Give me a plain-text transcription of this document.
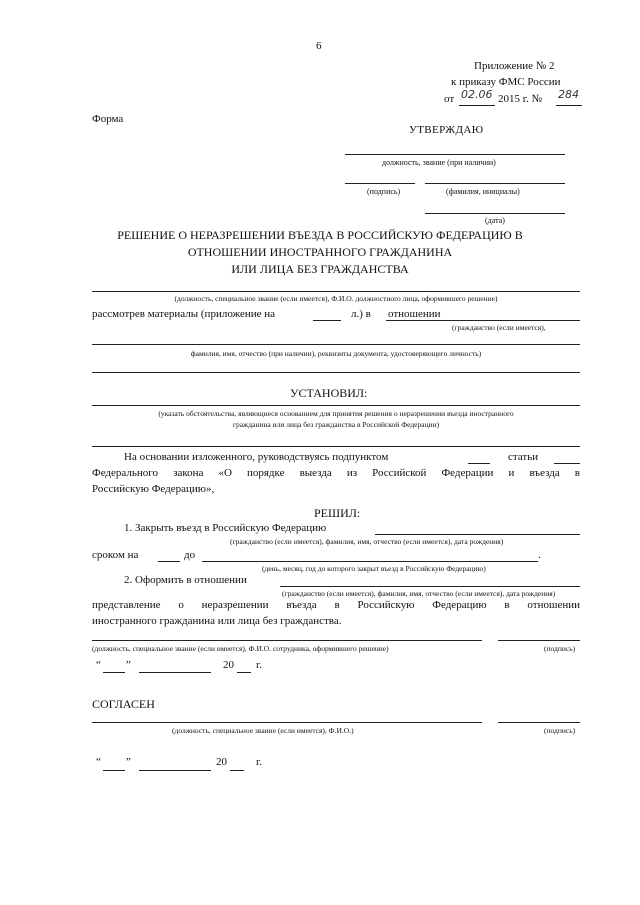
6
Приложение № 2
к приказу ФМС России
от 02.06 2015 г. № 284
Форма
УТВЕРЖДАЮ
должность, звание (при наличии)
(подпись)	(фамилия, инициалы)
(дата)
РЕШЕНИЕ О НЕРАЗРЕШЕНИИ ВЪЕЗДА В РОССИЙСКУЮ ФЕДЕРАЦИЮ В
ОТНОШЕНИИ ИНОСТРАННОГО ГРАЖДАНИНА
ИЛИ ЛИЦА БЕЗ ГРАЖДАНСТВА
(должность, специальное звание (если имеется), Ф.И.О. должностного лица, оформившего решение)
рассмотрев материалы (приложение на	л.) в отношении
(гражданство (если имеется),
фамилия, имя, отчество (при наличии), реквизиты документа, удостоверяющего личность)
УСТАНОВИЛ:
(указать обстоятельства, являющиеся основанием для принятия решения о неразрешении въезда иностранного
гражданина или лица без гражданства в Российской Федерации)
На основании изложенного, руководствуясь подпунктом	статьи
Федерального закона «О порядке выезда из Российской Федерации и въезда в
Российскую Федерацию»,
РЕШИЛ:
1. Закрыть въезд в Российскую Федерацию
(гражданство (если имеется), фамилия, имя, отчество (если имеется), дата рождения)
сроком на	до	.
(день, месяц, год до которого закрыт въезд в Российскую Федерацию)
2. Оформить в отношении
(гражданство (если имеется), фамилия, имя, отчество (если имеется), дата рождения)
представление о неразрешении въезда в Российскую Федерацию в отношении
иностранного гражданина или лица без гражданства.
(должность, специальное звание (если имеется), Ф.И.О. сотрудника, оформившего решение)	(подпись)
“ ”	20 г.
СОГЛАСЕН
(должность, специальное звание (если имеется), Ф.И.О.)	(подпись)
“ ”	20	г.
